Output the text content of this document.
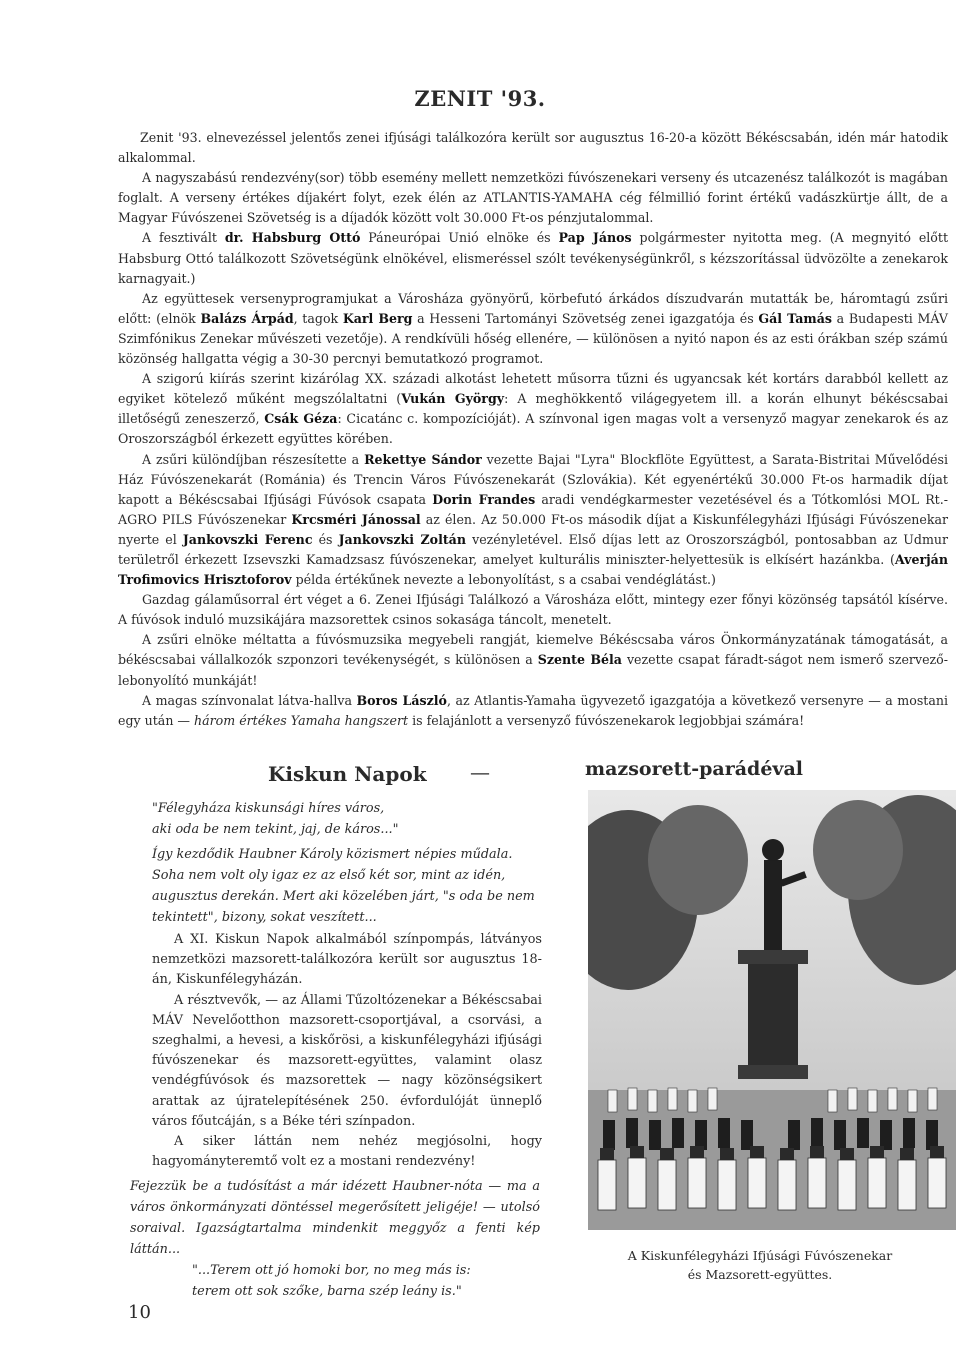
ZENIT '93.

Zenit '93. elnevezéssel jelentős zenei ifjúsági találkozóra került sor augusztus 16-20-a között Békéscsabán, idén már hatodik alkalommal.

A nagyszabású rendezvény(sor) több esemény mellett nemzetközi fúvószenekari verseny és utcazenész találkozót is magában foglalt. A verseny értékes díjakért folyt, ezek élén az ATLANTIS-YAMAHA cég félmillió forint értékű vadászkürtje állt, de a Magyar Fúvószenei Szövetség is a díjadók között volt 30.000 Ft-os pénzjutalommal.

A fesztivált dr. Habsburg Ottó Páneurópai Unió elnöke és Pap János polgármester nyitotta meg. (A megnyitó előtt Habsburg Ottó találkozott Szövetségünk elnökével, elismeréssel szólt tevékenységünkről, s kézszorítással üdvözölte a zenekarok karnagyait.)

Az együttesek versenyprogramjukat a Városháza gyönyörű, körbefutó árkádos díszudvarán mutatták be, háromtagú zsűri előtt: (elnök Balázs Árpád, tagok Karl Berg a Hesseni Tartományi Szövetség zenei igazgatója és Gál Tamás a Budapesti MÁV Szimfónikus Zenekar művészeti vezetője). A rendkívüli hőség ellenére, — különösen a nyitó napon és az esti órákban szép számú közönség hallgatta végig a 30-30 percnyi bemutatkozó programot.

A szigorú kiírás szerint kizárólag XX. századi alkotást lehetett műsorra tűzni és ugyancsak két kortárs darabból kellett az egyiket kötelező műként megszólaltatni (Vukán György: A meghökkentő világegyetem ill. a korán elhunyt békéscsabai illetőségű zeneszerző, Csák Géza: Cicatánc c. kompozícióját). A színvonal igen magas volt a versenyző magyar zenekarok és az Oroszországból érkezett együttes körében.

A zsűri különdíjban részesítette a Rekettye Sándor vezette Bajai "Lyra" Blockflöte Együttest, a Saratа-Bistritai Művelődési Ház Fúvószenekarát (Románia) és Trencin Város Fúvószenekarát (Szlovákia). Két egyenértékű 30.000 Ft-os harmadik díjat kapott a Békéscsabai Ifjúsági Fúvósok csapata Dorin Frandes aradi vendégkarmester vezetésével és a Tótkomlósi MOL Rt.-AGRO PILS Fúvószenekar Krcsméri Jánossal az élen. Az 50.000 Ft-os második díjat a Kiskunfélegyházi Ifjúsági Fúvószenekar nyerte el Jankovszki Ferenc és Jankovszki Zoltán vezényletével. Első díjas lett az Oroszországból, pontosabban az Udmur területről érkezett Izsevszki Kamadzsasz fúvószenekar, amelyet kulturális miniszter-helyettesük is elkísért hazánkba. (Averján Trofimovics Hrisztoforov példa értékűnek nevezte a lebonyolítást, s a csabai vendéglátást.)

Gazdag gálaműsorral ért véget a 6. Zenei Ifjúsági Találkozó a Városháza előtt, mintegy ezer főnyi közönség tapsától kísérve. A fúvósok induló muzsikájára mazsorettek csinos sokasága táncolt, menetelt.

A zsűri elnöke méltatta a fúvósmuzsika megyebeli rangját, kiemelve Békéscsaba város Önkormányzatának támogatását, a békéscsabai vállalkozók szponzori tevékenységét, s különösen a Szente Béla vezette csapat fáradt-ságot nem ismerő szervező-lebonyolító munkáját!

A magas színvonalat látva-hallva Boros László, az Atlantis-Yamaha ügyvezető igazgatója a következő versenyre — a mostani egy után — három értékes Yamaha hangszert is felajánlott a versenyző fúvószenekarok legjobbjai számára!

Kiskun Napok —	mazsorett-parádéval

"Félegyháza kiskunsági híres város,

aki oda be nem tekint, jaj, de káros..."

Így kezdődik Haubner Károly közismert népies műdala. Soha nem volt oly igaz ez az első két sor, mint az idén, augusztus derekán. Mert aki közelében járt, "s oda be nem tekintett", bizony, sokat veszített...

A XI. Kiskun Napok alkalmából színpompás, látványos nemzetközi mazsorett-találkozóra került sor augusztus 18-án, Kiskunfélegyházán.

A résztvevők, — az Állami Tűzoltózenekar a Békéscsabai MÁV Nevelőotthon mazsorett-csoportjával, a csorvási, a szeghalmi, a hevesi, a kiskőrösi, a kiskunfélegyházi ifjúsági fúvószenekar és mazsorett-együttes, valamint olasz vendégfúvósok és mazsorettek — nagy közönségsikert arattak az újratelepítésének 250. évfordulóját ünneplő város főutcáján, s a Béke téri színpadon.

A siker láttán nem nehéz megjósolni, hogy hagyományteremtő volt ez a mostani rendezvény!

Fejezzük be a tudósítást a már idézett Haubner-nóta — ma a város önkormányzati döntéssel megerősített jeligéje! — utolsó soraival. Igazságtartalma mindenkit meggyőz a fenti kép láttán...

"...Terem ott jó homoki bor, no meg más is:

terem ott sok szőke, barna szép leány is."

A Kiskunfélegyházi Ifjúsági Fúvószenekar
és Mazsorett-együttes.
10
